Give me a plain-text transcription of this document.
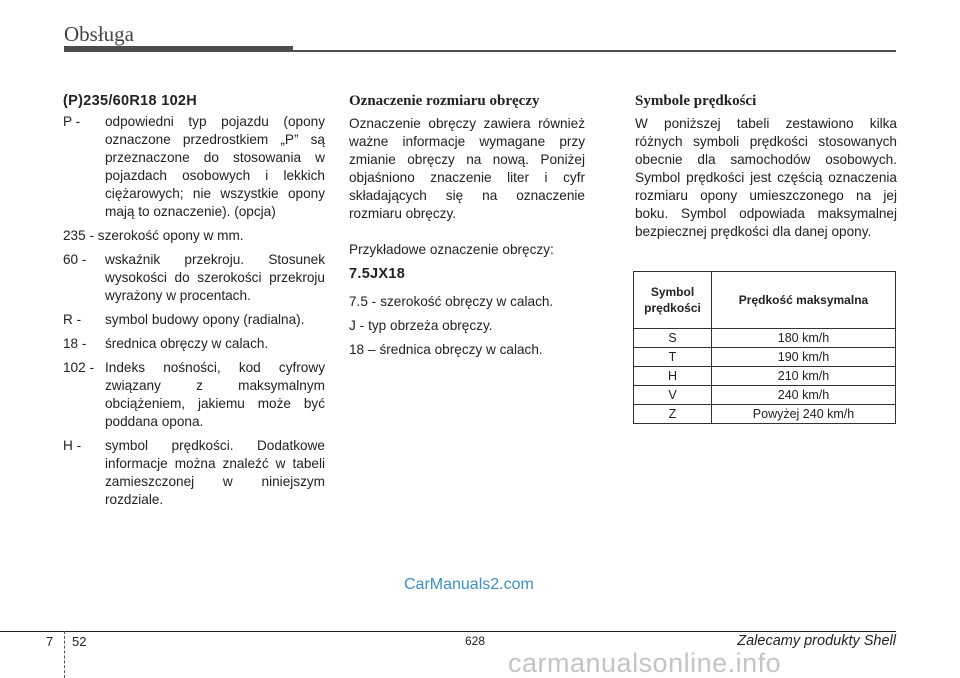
Obsługa
(P)235/60R18 102H
P -	odpowiedni typ pojazdu (opony oznaczone przedrostkiem „P” są przeznaczone do stosowania w pojazdach osobowych i lekkich ciężarowych; nie wszystkie opony mają to oznaczenie). (opcja)
235 - szerokość opony w mm.
60 -	wskaźnik przekroju. Stosunek wysokości do szerokości przekroju wyrażony w procentach.
R -	symbol budowy opony (radialna).
18 -	średnica obręczy w calach.
102 - Indeks nośności, kod cyfrowy związany z maksymalnym obciążeniem, jakiemu może być poddana opona.
H -	symbol prędkości. Dodatkowe informacje można znaleźć w tabeli zamieszczonej w niniejszym rozdziale.
Oznaczenie rozmiaru obręczy
Oznaczenie obręczy zawiera również ważne informacje wymagane przy zmianie obręczy na nową. Poniżej objaśniono znaczenie liter i cyfr składających się na oznaczenie rozmiaru obręczy.
Przykładowe oznaczenie obręczy:
7.5JX18
7.5 - szerokość obręczy w calach.
J - typ obrzeża obręczy.
18 – średnica obręczy w calach.
Symbole prędkości
W poniższej tabeli zestawiono kilka różnych symboli prędkości stosowanych obecnie dla samochodów osobowych. Symbol prędkości jest częścią oznaczenia rozmiaru opony umieszczonego na jej boku. Symbol odpowiada maksymalnej bezpiecznej prędkości dla danej opony.
Symbol prędkości	Prędkość maksymalna
S	180 km/h
T	190 km/h
H	210 km/h
V	240 km/h
Z	Powyżej 240 km/h
CarManuals2.com
7 52	628	Zalecamy produkty Shell
carmanualsonline.info
